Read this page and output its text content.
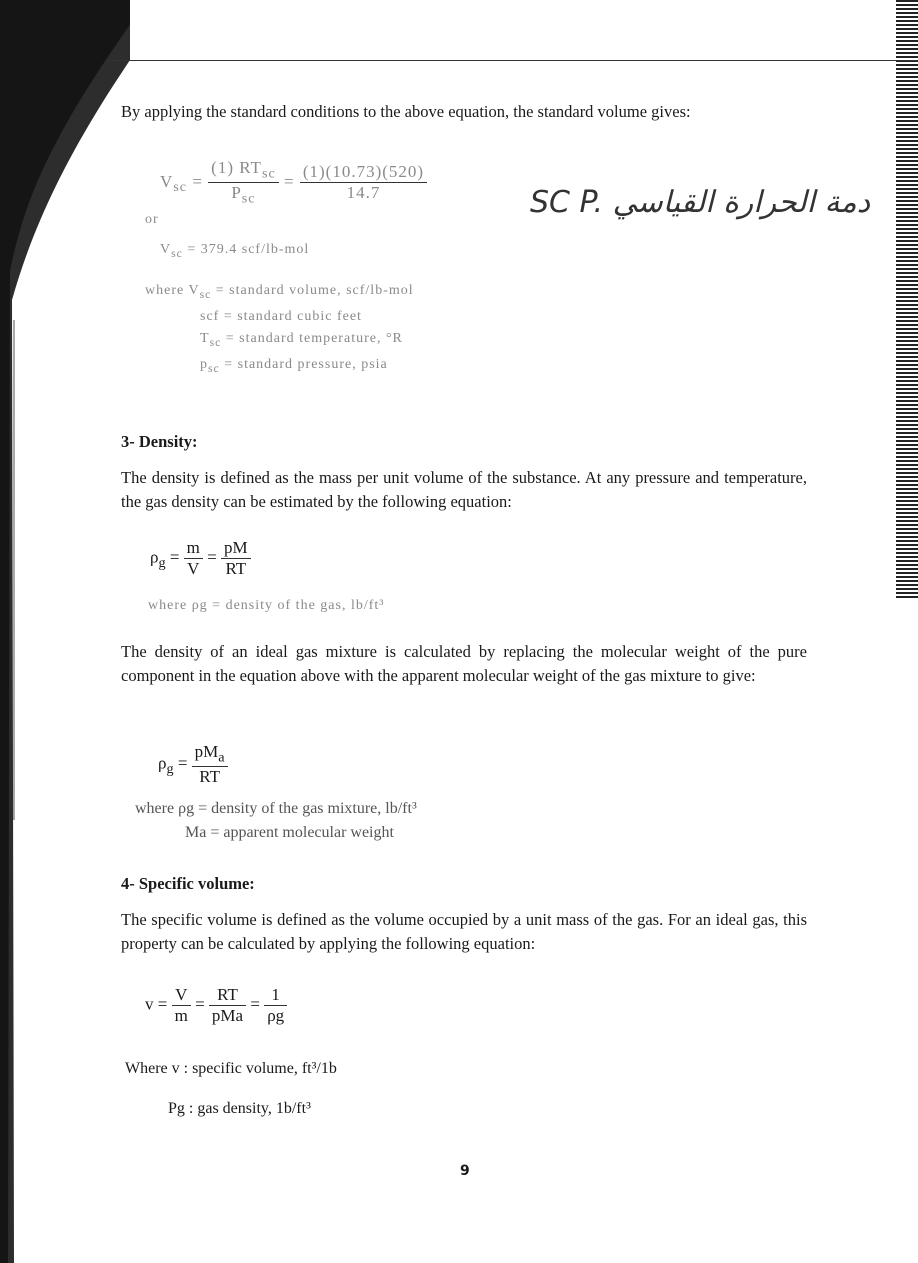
By applying the standard conditions to the above equation, the standard volume gives:
$V_{sc} = \frac{(1) RT_{sc}}{P_{sc}} = \frac{(1)(10.73)(520)}{14.7}$
or
$V_{sc} = 379.4$ scf/lb-mol
where $V_{sc}$ = standard volume, scf/lb-mol
scf = standard cubic feet
$T_{sc}$ = standard temperature, °R
$p_{sc}$ = standard pressure, psia
SC P. دمة الحرارة القياسي
3- Density:
The density is defined as the mass per unit volume of the substance. At any pressure and temperature, the gas density can be estimated by the following equation:
$\rho_g = \frac{m}{V} = \frac{pM}{RT}$
where ρg = density of the gas, lb/ft³
The density of an ideal gas mixture is calculated by replacing the molecular weight of the pure component in the equation above with the apparent molecular weight of the gas mixture to give:
$\rho_g = \frac{pM_a}{RT}$
where ρg = density of the gas mixture, lb/ft³
Ma = apparent molecular weight
4- Specific volume:
The specific volume is defined as the volume occupied by a unit mass of the gas. For an ideal gas, this property can be calculated by applying the following equation:
$v = \frac{V}{m} = \frac{RT}{\text{pMa}} = \frac{1}{\rho g}$
Where v : specific volume, ft³/1b
Pg : gas density, 1b/ft³
9
